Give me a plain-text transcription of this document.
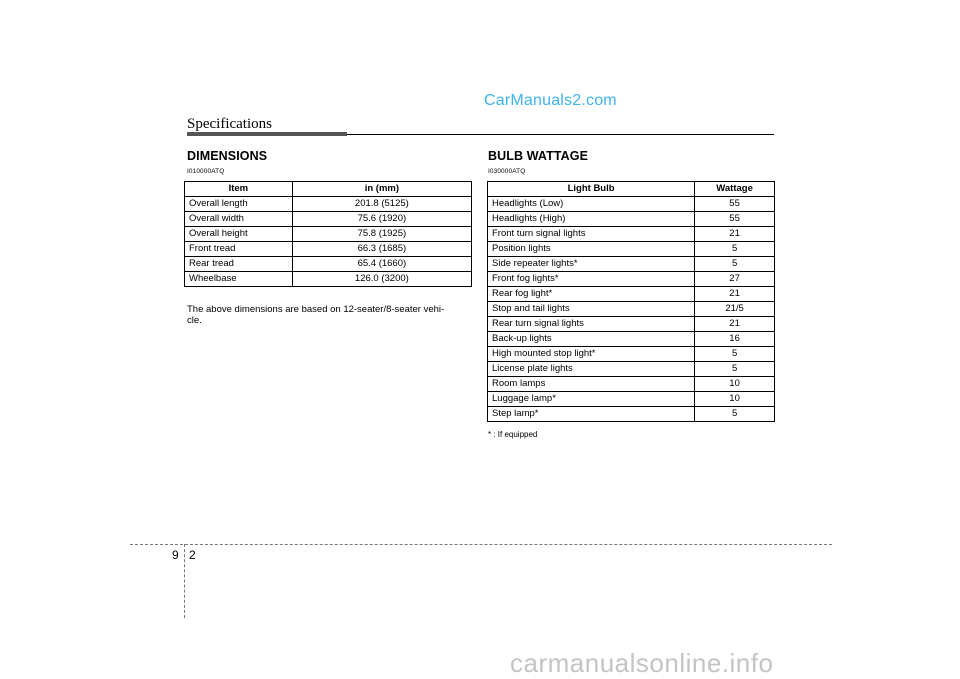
CarManuals2.com
Specifications
DIMENSIONS
I010000ATQ
Item	in (mm)
Overall length	201.8 (5125)
Overall width	75.6 (1920)
Overall height	75.8 (1925)
Front tread	66.3 (1685)
Rear tread	65.4 (1660)
Wheelbase	126.0 (3200)
The above dimensions are based on 12-seater/8-seater vehi-
cle.
BULB WATTAGE
I030000ATQ
Light Bulb	Wattage
Headlights (Low)	55
Headlights (High)	55
Front turn signal lights	21
Position lights	5
Side repeater lights*	5
Front fog lights*	27
Rear fog light*	21
Stop and tail lights	21/5
Rear turn signal lights	21
Back-up lights	16
High mounted stop light*	5
License plate lights	5
Room lamps	10
Luggage lamp*	10
Step lamp*	5
* : If equipped
9 2
carmanualsonline.info
